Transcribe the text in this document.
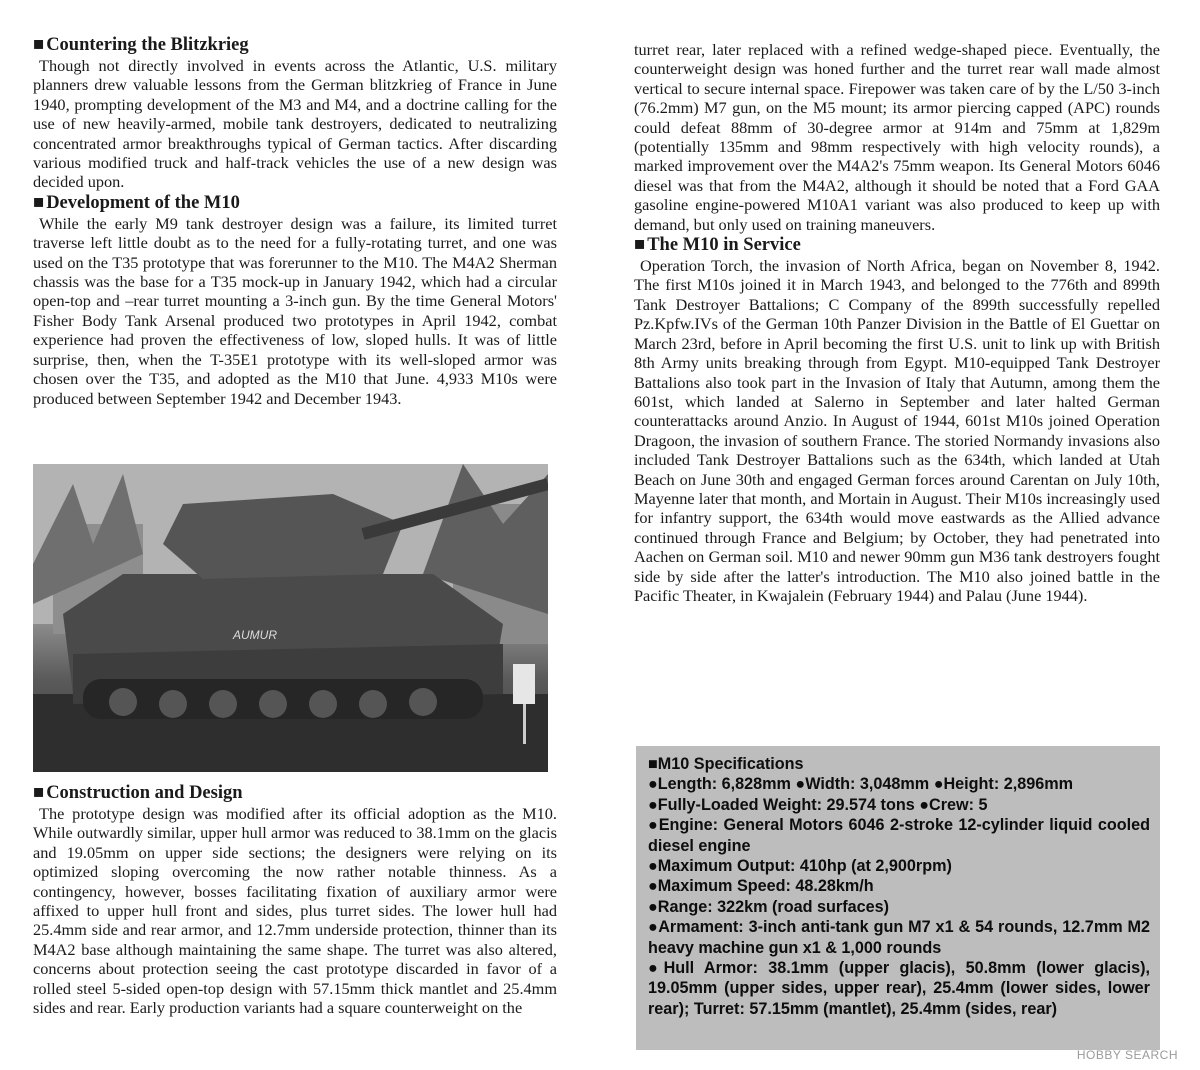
■ Countering the Blitzkrieg

Though not directly involved in events across the Atlantic, U.S. military planners drew valuable lessons from the German blitzkrieg of France in June 1940, prompting development of the M3 and M4, and a doctrine calling for the use of new heavily-armed, mobile tank destroyers, dedicated to neutralizing concentrated armor breakthroughs typical of German tactics. After discarding various modified truck and half-track vehicles the use of a new design was decided upon.

■ Development of the M10

While the early M9 tank destroyer design was a failure, its limited turret traverse left little doubt as to the need for a fully-rotating turret, and one was used on the T35 prototype that was forerunner to the M10. The M4A2 Sherman chassis was the base for a T35 mock-up in January 1942, which had a circular open-top and –rear turret mounting a 3-inch gun. By the time General Motors' Fisher Body Tank Arsenal produced two prototypes in April 1942, combat experience had proven the effectiveness of low, sloped hulls. It was of little surprise, then, when the T-35E1 prototype with its well-sloped armor was chosen over the T35, and adopted as the M10 that June. 4,933 M10s were produced between September 1942 and December 1943.

AUMUR
■ Construction and Design

The prototype design was modified after its official adoption as the M10. While outwardly similar, upper hull armor was reduced to 38.1mm on the glacis and 19.05mm on upper side sections; the designers were relying on its optimized sloping overcoming the now rather notable thinness. As a contingency, however, bosses facilitating fixation of auxiliary armor were affixed to upper hull front and sides, plus turret sides. The lower hull had 25.4mm side and rear armor, and 12.7mm underside protection, thinner than its M4A2 base although maintaining the same shape. The turret was also altered, concerns about protection seeing the cast prototype discarded in favor of a rolled steel 5-sided open-top design with 57.15mm thick mantlet and 25.4mm sides and rear. Early production variants had a square counterweight on the

turret rear, later replaced with a refined wedge-shaped piece. Eventually, the counterweight design was honed further and the turret rear wall made almost vertical to secure internal space. Firepower was taken care of by the L/50 3-inch (76.2mm) M7 gun, on the M5 mount; its armor piercing capped (APC) rounds could defeat 88mm of 30-degree armor at 914m and 75mm at 1,829m (potentially 135mm and 98mm respectively with high velocity rounds), a marked improvement over the M4A2's 75mm weapon. Its General Motors 6046 diesel was that from the M4A2, although it should be noted that a Ford GAA gasoline engine-powered M10A1 variant was also produced to keep up with demand, but only used on training maneuvers.

■ The M10 in Service

Operation Torch, the invasion of North Africa, began on November 8, 1942. The first M10s joined it in March 1943, and belonged to the 776th and 899th Tank Destroyer Battalions; C Company of the 899th successfully repelled Pz.Kpfw.IVs of the German 10th Panzer Division in the Battle of El Guettar on March 23rd, before in April becoming the first U.S. unit to link up with British 8th Army units breaking through from Egypt. M10-equipped Tank Destroyer Battalions also took part in the Invasion of Italy that Autumn, among them the 601st, which landed at Salerno in September and later halted German counterattacks around Anzio. In August of 1944, 601st M10s joined Operation Dragoon, the invasion of southern France. The storied Normandy invasions also included Tank Destroyer Battalions such as the 634th, which landed at Utah Beach on June 30th and engaged German forces around Carentan on July 10th, Mayenne later that month, and Mortain in August. Their M10s increasingly used for infantry support, the 634th would move eastwards as the Allied advance continued through France and Belgium; by October, they had penetrated into Aachen on German soil. M10 and newer 90mm gun M36 tank destroyers fought side by side after the latter's introduction. The M10 also joined battle in the Pacific Theater, in Kwajalein (February 1944) and Palau (June 1944).

■ M10 Specifications
● Length: 6,828mm ● Width: 3,048mm ● Height: 2,896mm
● Fully-Loaded Weight: 29.574 tons ● Crew: 5
● Engine: General Motors 6046 2-stroke 12-cylinder liquid cooled diesel engine
● Maximum Output: 410hp (at 2,900rpm)
● Maximum Speed: 48.28km/h
● Range: 322km (road surfaces)
● Armament: 3-inch anti-tank gun M7 x1 & 54 rounds, 12.7mm M2 heavy machine gun x1 & 1,000 rounds
● Hull Armor: 38.1mm (upper glacis), 50.8mm (lower glacis), 19.05mm (upper sides, upper rear), 25.4mm (lower sides, lower rear); Turret: 57.15mm (mantlet), 25.4mm (sides, rear)
HOBBY SEARCH
